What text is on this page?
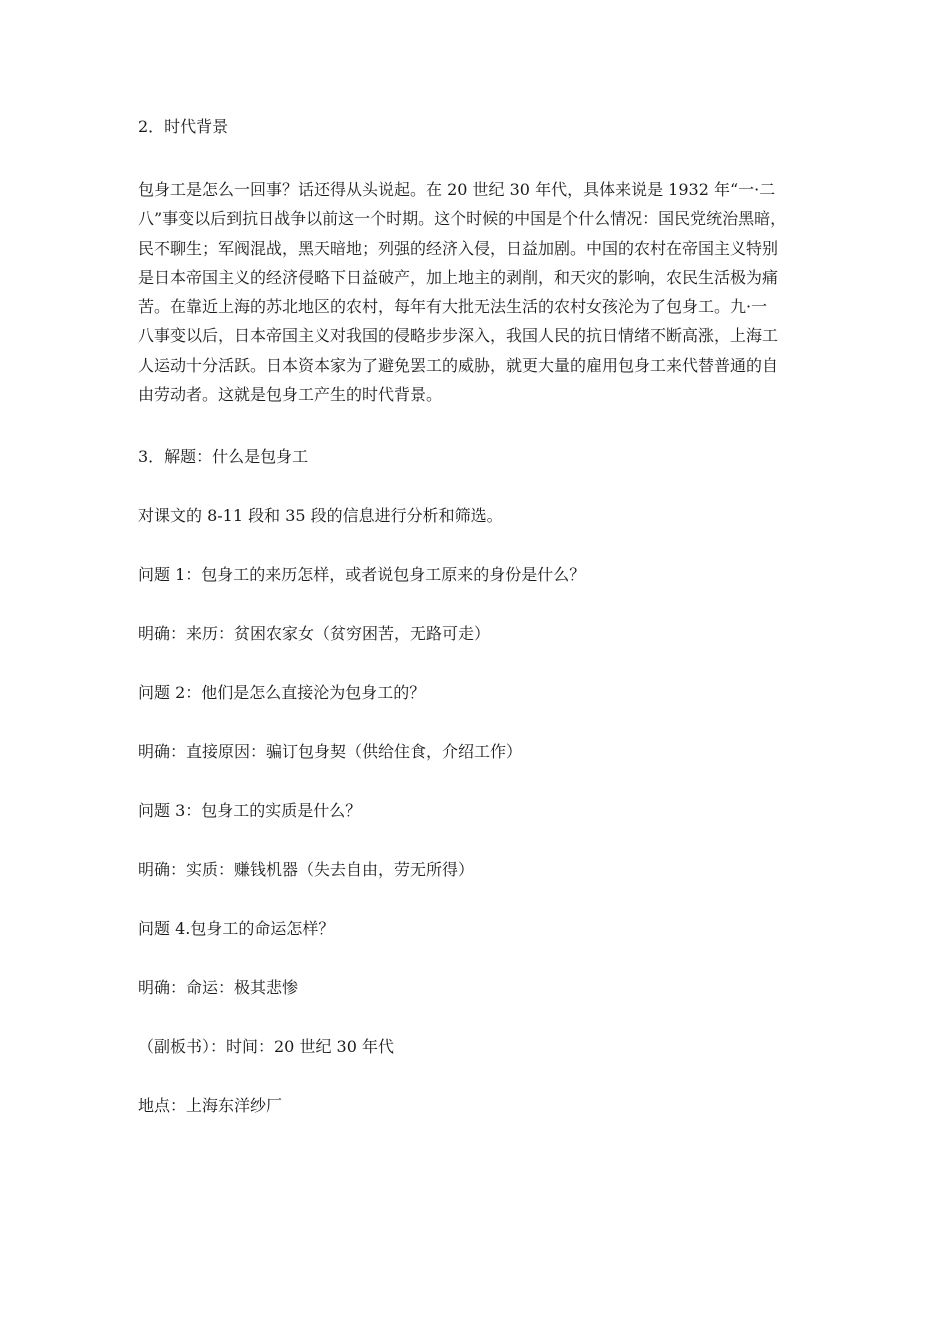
2．时代背景

包身工是怎么一回事？话还得从头说起。在 20 世纪 30 年代，具体来说是 1932 年“一·二
八”事变以后到抗日战争以前这一个时期。这个时候的中国是个什么情况：国民党统治黑暗，
民不聊生；军阀混战，黑天暗地；列强的经济入侵，日益加剧。中国的农村在帝国主义特别
是日本帝国主义的经济侵略下日益破产，加上地主的剥削，和天灾的影响，农民生活极为痛
苦。在靠近上海的苏北地区的农村，每年有大批无法生活的农村女孩沦为了包身工。九·一
八事变以后，日本帝国主义对我国的侵略步步深入，我国人民的抗日情绪不断高涨，上海工
人运动十分活跃。日本资本家为了避免罢工的威胁，就更大量的雇用包身工来代替普通的自
由劳动者。这就是包身工产生的时代背景。

3．解题：什么是包身工

对课文的 8-11 段和 35 段的信息进行分析和筛选。

问题 1：包身工的来历怎样，或者说包身工原来的身份是什么？

明确：来历：贫困农家女（贫穷困苦，无路可走）

问题 2：他们是怎么直接沦为包身工的？

明确：直接原因：骗订包身契（供给住食，介绍工作）

问题 3：包身工的实质是什么？

明确：实质：赚钱机器（失去自由，劳无所得）

问题 4.包身工的命运怎样？

明确：命运：极其悲惨

（副板书）：时间：20 世纪 30 年代

地点：上海东洋纱厂
